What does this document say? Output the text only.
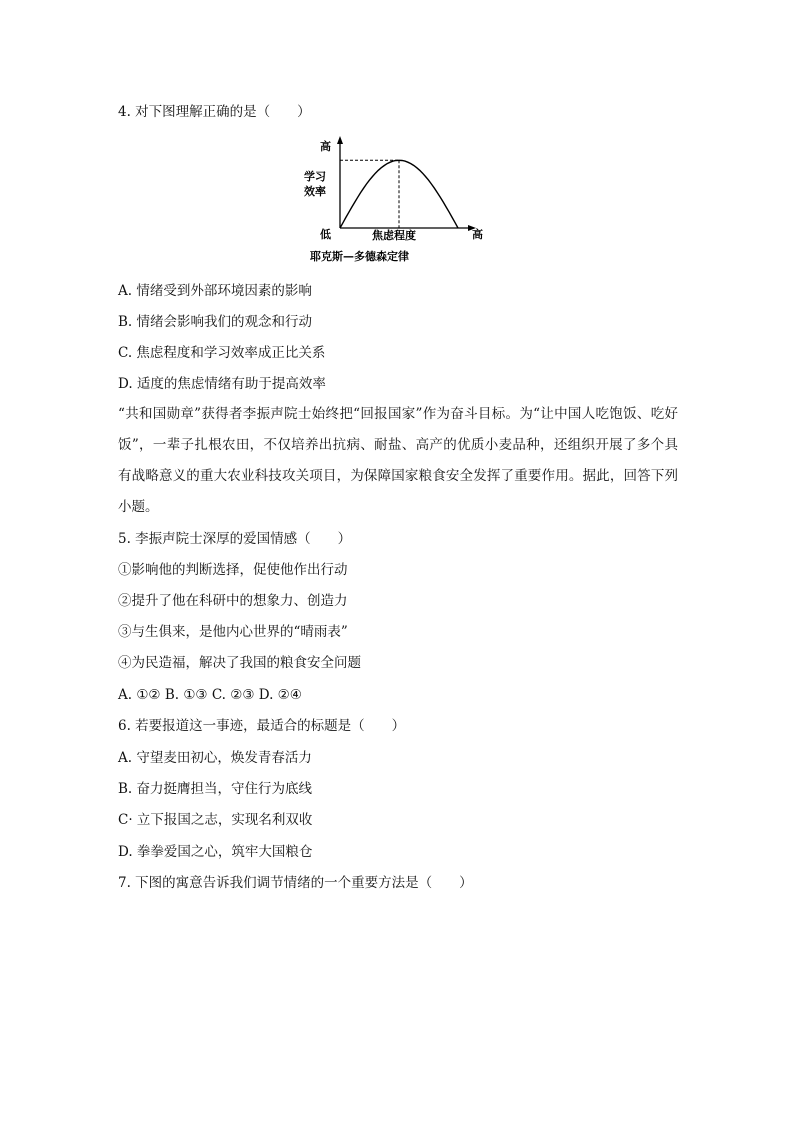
4. 对下图理解正确的是（　　）
高
学习
效率
低	焦虑程度	高
耶克斯—多德森定律
A. 情绪受到外部环境因素的影响
B. 情绪会影响我们的观念和行动
C. 焦虑程度和学习效率成正比关系
D. 适度的焦虑情绪有助于提高效率
“共和国勋章”获得者李振声院士始终把“回报国家”作为奋斗目标。为“让中国人吃饱饭、吃好饭”，一辈子扎根农田，不仅培养出抗病、耐盐、高产的优质小麦品种，还组织开展了多个具有战略意义的重大农业科技攻关项目，为保障国家粮食安全发挥了重要作用。据此，回答下列小题。
5. 李振声院士深厚的爱国情感（　　）
①影响他的判断选择，促使他作出行动
②提升了他在科研中的想象力、创造力
③与生俱来，是他内心世界的“晴雨表”
④为民造福，解决了我国的粮食安全问题
A. ①② B. ①③ C. ②③ D. ②④
6. 若要报道这一事迹，最适合的标题是（　　）
A. 守望麦田初心，焕发青春活力
B. 奋力挺膺担当，守住行为底线
C· 立下报国之志，实现名利双收
D. 拳拳爱国之心，筑牢大国粮仓
7. 下图的寓意告诉我们调节情绪的一个重要方法是（　　）
